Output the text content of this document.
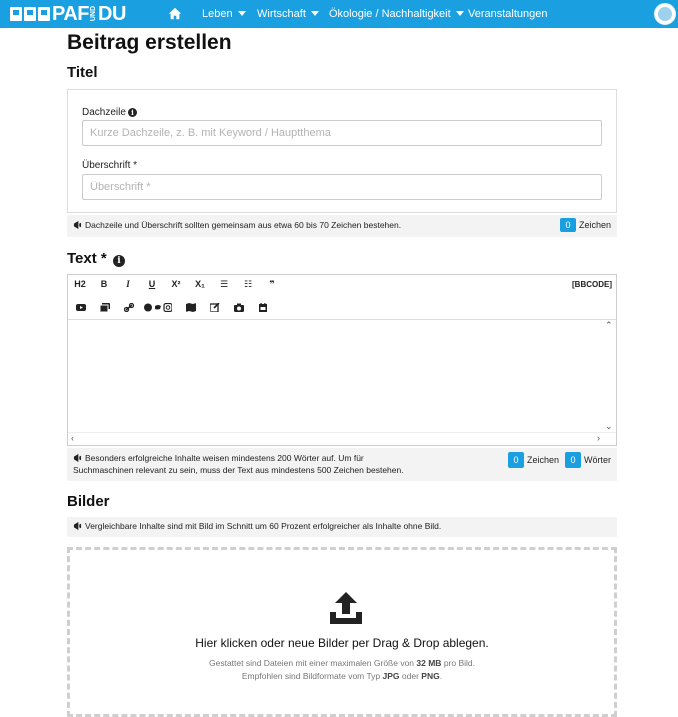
PAF UND DU	Leben	Wirtschaft	Ökologie / Nachhaltigkeit	Veranstaltungen
Beitrag erstellen
Titel
Dachzeile i
Kurze Dachzeile, z. B. mit Keyword / Hauptthema
Überschrift *
Überschrift *
Dachzeile und Überschrift sollten gemeinsam aus etwa 60 bis 70 Zeichen bestehen.	0 Zeichen
Text * i
H2	B	I	U	X² X₁	☰	☷	❞	[BBCODE]
⌃
⌄
‹	›
Besonders erfolgreiche Inhalte weisen mindestens 200 Wörter auf. Um für
Suchmaschinen relevant zu sein, muss der Text aus mindestens 500 Zeichen bestehen.
0 Zeichen	0 Wörter
Bilder
Vergleichbare Inhalte sind mit Bild im Schnitt um 60 Prozent erfolgreicher als Inhalte ohne Bild.
Hier klicken oder neue Bilder per Drag & Drop ablegen.
Gestattet sind Dateien mit einer maximalen Größe von 32 MB pro Bild.
Empfohlen sind Bildformate vom Typ JPG oder PNG.
